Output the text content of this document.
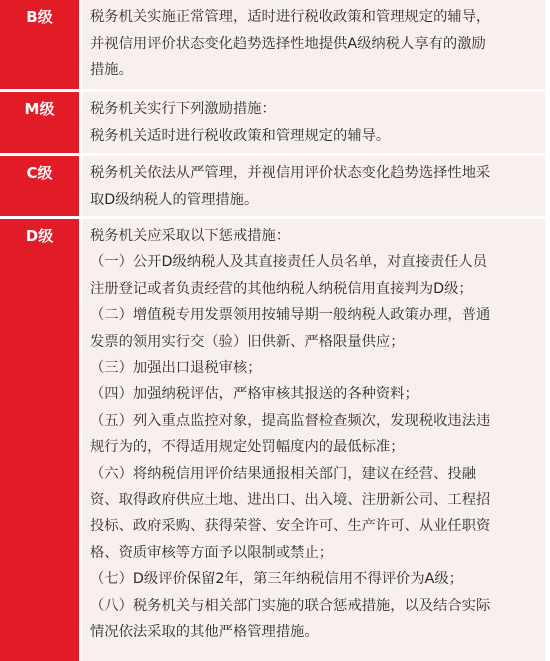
B级	税务机关实施正常管理，适时进行税收政策和管理规定的辅导，
并视信用评价状态变化趋势选择性地提供A级纳税人享有的激励
措施。
M级	税务机关实行下列激励措施：
税务机关适时进行税收政策和管理规定的辅导。
C级	税务机关依法从严管理，并视信用评价状态变化趋势选择性地采
取D级纳税人的管理措施。
D级	税务机关应采取以下惩戒措施：
（一）公开D级纳税人及其直接责任人员名单，对直接责任人员
注册登记或者负责经营的其他纳税人纳税信用直接判为D级；
（二）增值税专用发票领用按辅导期一般纳税人政策办理，普通
发票的领用实行交（验）旧供新、严格限量供应；
（三）加强出口退税审核；
（四）加强纳税评估，严格审核其报送的各种资料；
（五）列入重点监控对象，提高监督检查频次，发现税收违法违
规行为的，不得适用规定处罚幅度内的最低标准；
（六）将纳税信用评价结果通报相关部门，建议在经营、投融
资、取得政府供应土地、进出口、出入境、注册新公司、工程招
投标、政府采购、获得荣誉、安全许可、生产许可、从业任职资
格、资质审核等方面予以限制或禁止；
（七）D级评价保留2年，第三年纳税信用不得评价为A级；
（八）税务机关与相关部门实施的联合惩戒措施，以及结合实际
情况依法采取的其他严格管理措施。
